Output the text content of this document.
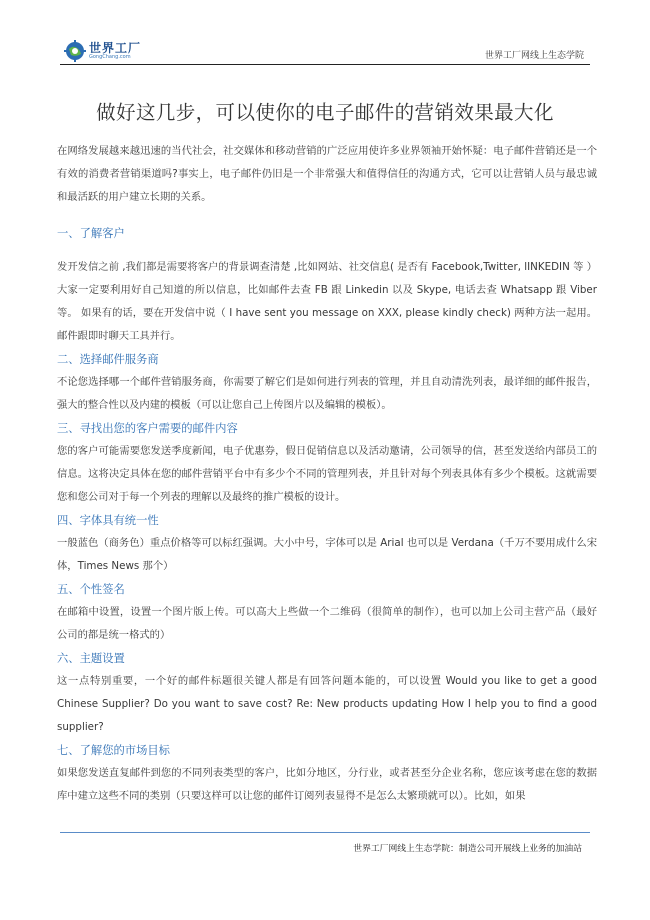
世界工厂
GongChang.com	世界工厂网线上生态学院
做好这几步，可以使你的电子邮件的营销效果最大化

在网络发展越来越迅速的当代社会，社交媒体和移动营销的广泛应用使许多业界领袖开始怀疑：电子邮件营销还是一个有效的消费者营销渠道吗?事实上，电子邮件仍旧是一个非常强大和值得信任的沟通方式，它可以让营销人员与最忠诚和最活跃的用户建立长期的关系。

一、了解客户

发开发信之前 ,我们都是需要将客户的背景调查清楚 ,比如网站、社交信息( 是否有 Facebook,Twitter, lINKEDIN 等 ）大家一定要利用好自己知道的所以信息，比如邮件去查 FB 跟 Linkedin 以及 Skype, 电话去查 Whatsapp 跟 Viber 等。 如果有的话，要在开发信中说（ I have sent you message on XXX, please kindly check) 两种方法一起用。邮件跟即时聊天工具并行。

二、选择邮件服务商

不论您选择哪一个邮件营销服务商，你需要了解它们是如何进行列表的管理，并且自动清洗列表，最详细的邮件报告，强大的整合性以及内建的模板（可以让您自己上传图片以及编辑的模板）。

三、寻找出您的客户需要的邮件内容

您的客户可能需要您发送季度新闻，电子优惠券，假日促销信息以及活动邀请，公司领导的信，甚至发送给内部员工的信息。这将决定具体在您的邮件营销平台中有多少个不同的管理列表，并且针对每个列表具体有多少个模板。这就需要您和您公司对于每一个列表的理解以及最终的推广模板的设计。

四、字体具有统一性

一般蓝色（商务色）重点价格等可以标红强调。大小中号，字体可以是 Arial 也可以是 Verdana（千万不要用成什么宋体，Times News 那个）

五、个性签名

在邮箱中设置，设置一个图片版上传。可以高大上些做一个二维码（很简单的制作），也可以加上公司主营产品（最好公司的都是统一格式的）

六、主题设置

这一点特别重要，一个好的邮件标题很关键人都是有回答问题本能的，可以设置 Would you like to get a good Chinese Supplier? Do you want to save cost? Re: New products updating How I help you to find a good supplier?

七、了解您的市场目标

如果您发送直复邮件到您的不同列表类型的客户，比如分地区，分行业，或者甚至分企业名称，您应该考虑在您的数据库中建立这些不同的类别（只要这样可以让您的邮件订阅列表显得不是怎么太繁琐就可以）。比如，如果

世界工厂网线上生态学院：制造公司开展线上业务的加油站
